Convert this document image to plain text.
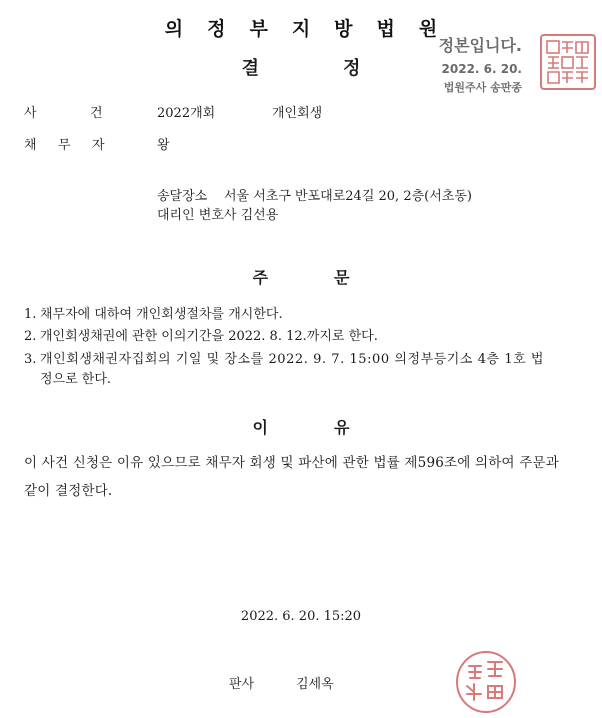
의 정 부 지 방 법 원
결	정
정본입니다.
2022. 6. 20.
법원주사 송판종
사	건	2022개회	개인회생
채 무 자	왕
송달장소 서울 서초구 반포대로24길 20, 2층(서초동)
대리인 변호사 김선용
주	문
1. 채무자에 대하여 개인회생절차를 개시한다.
2. 개인회생채권에 관한 이의기간을 2022. 8. 12.까지로 한다.
3. 개인회생채권자집회의 기일 및 장소를 2022. 9. 7. 15:00 의정부등기소 4층 1호 법
정으로 한다.
이	유
이 사건 신청은 이유 있으므로 채무자 회생 및 파산에 관한 법률 제596조에 의하여 주문과 같이 결정한다.
2022. 6. 20. 15:20
판사	김세옥
